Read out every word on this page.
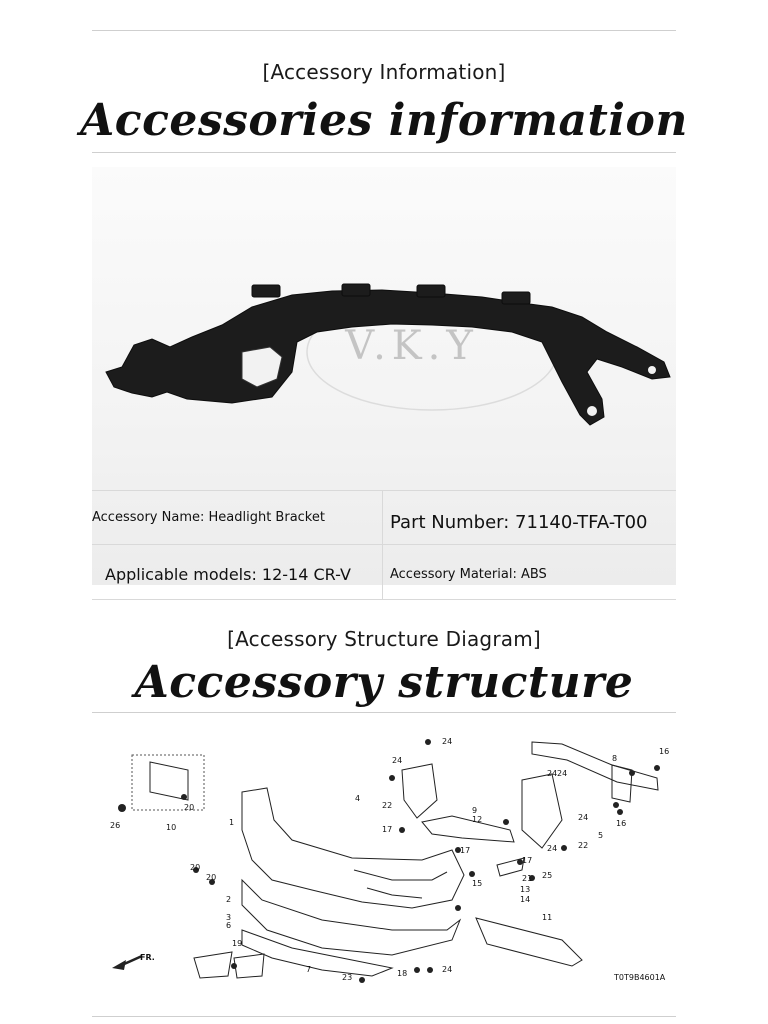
[Accessory Information]
Accessories information
V.K.Y
Accessory Name: Headlight Bracket	Part Number: 71140-TFA-T00
Applicable models: 12-14 CR-V	Accessory Material: ABS
[Accessory Structure Diagram]
Accessory structure
24
24
24	8
16
4
22
17
9
12
17
24
22
5
1
17
21
13
14
15
25
20
20
26	10
2
3
6
19
7
23	18	24
11
24
16
24
20
T0T9B4601A
FR.
